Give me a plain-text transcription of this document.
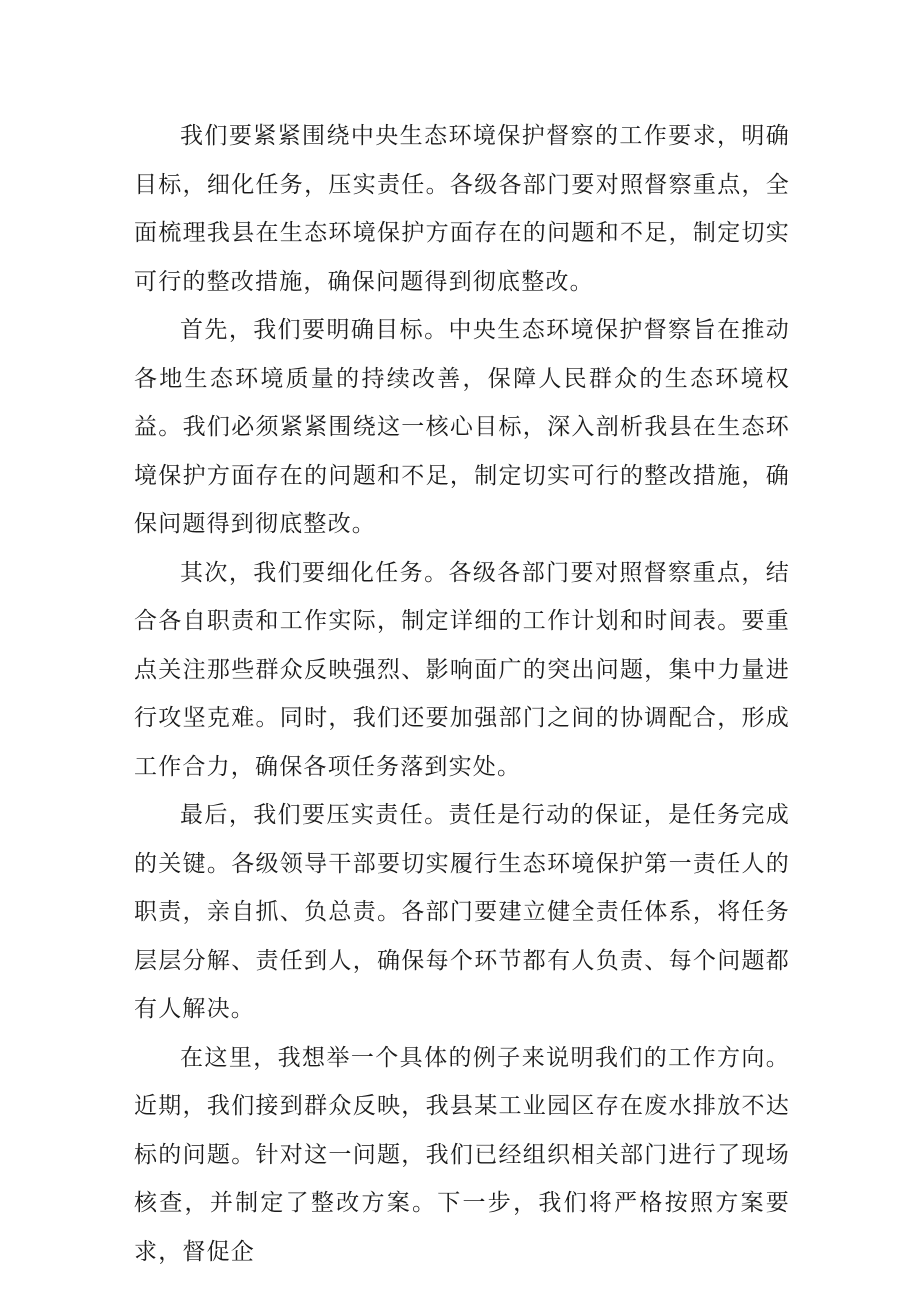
我们要紧紧围绕中央生态环境保护督察的工作要求，明确目标，细化任务，压实责任。各级各部门要对照督察重点，全面梳理我县在生态环境保护方面存在的问题和不足，制定切实可行的整改措施，确保问题得到彻底整改。

首先，我们要明确目标。中央生态环境保护督察旨在推动各地生态环境质量的持续改善，保障人民群众的生态环境权益。我们必须紧紧围绕这一核心目标，深入剖析我县在生态环境保护方面存在的问题和不足，制定切实可行的整改措施，确保问题得到彻底整改。

其次，我们要细化任务。各级各部门要对照督察重点，结合各自职责和工作实际，制定详细的工作计划和时间表。要重点关注那些群众反映强烈、影响面广的突出问题，集中力量进行攻坚克难。同时，我们还要加强部门之间的协调配合，形成工作合力，确保各项任务落到实处。

最后，我们要压实责任。责任是行动的保证，是任务完成的关键。各级领导干部要切实履行生态环境保护第一责任人的职责，亲自抓、负总责。各部门要建立健全责任体系，将任务层层分解、责任到人，确保每个环节都有人负责、每个问题都有人解决。

在这里，我想举一个具体的例子来说明我们的工作方向。近期，我们接到群众反映，我县某工业园区存在废水排放不达标的问题。针对这一问题，我们已经组织相关部门进行了现场核查，并制定了整改方案。下一步，我们将严格按照方案要求，督促企
